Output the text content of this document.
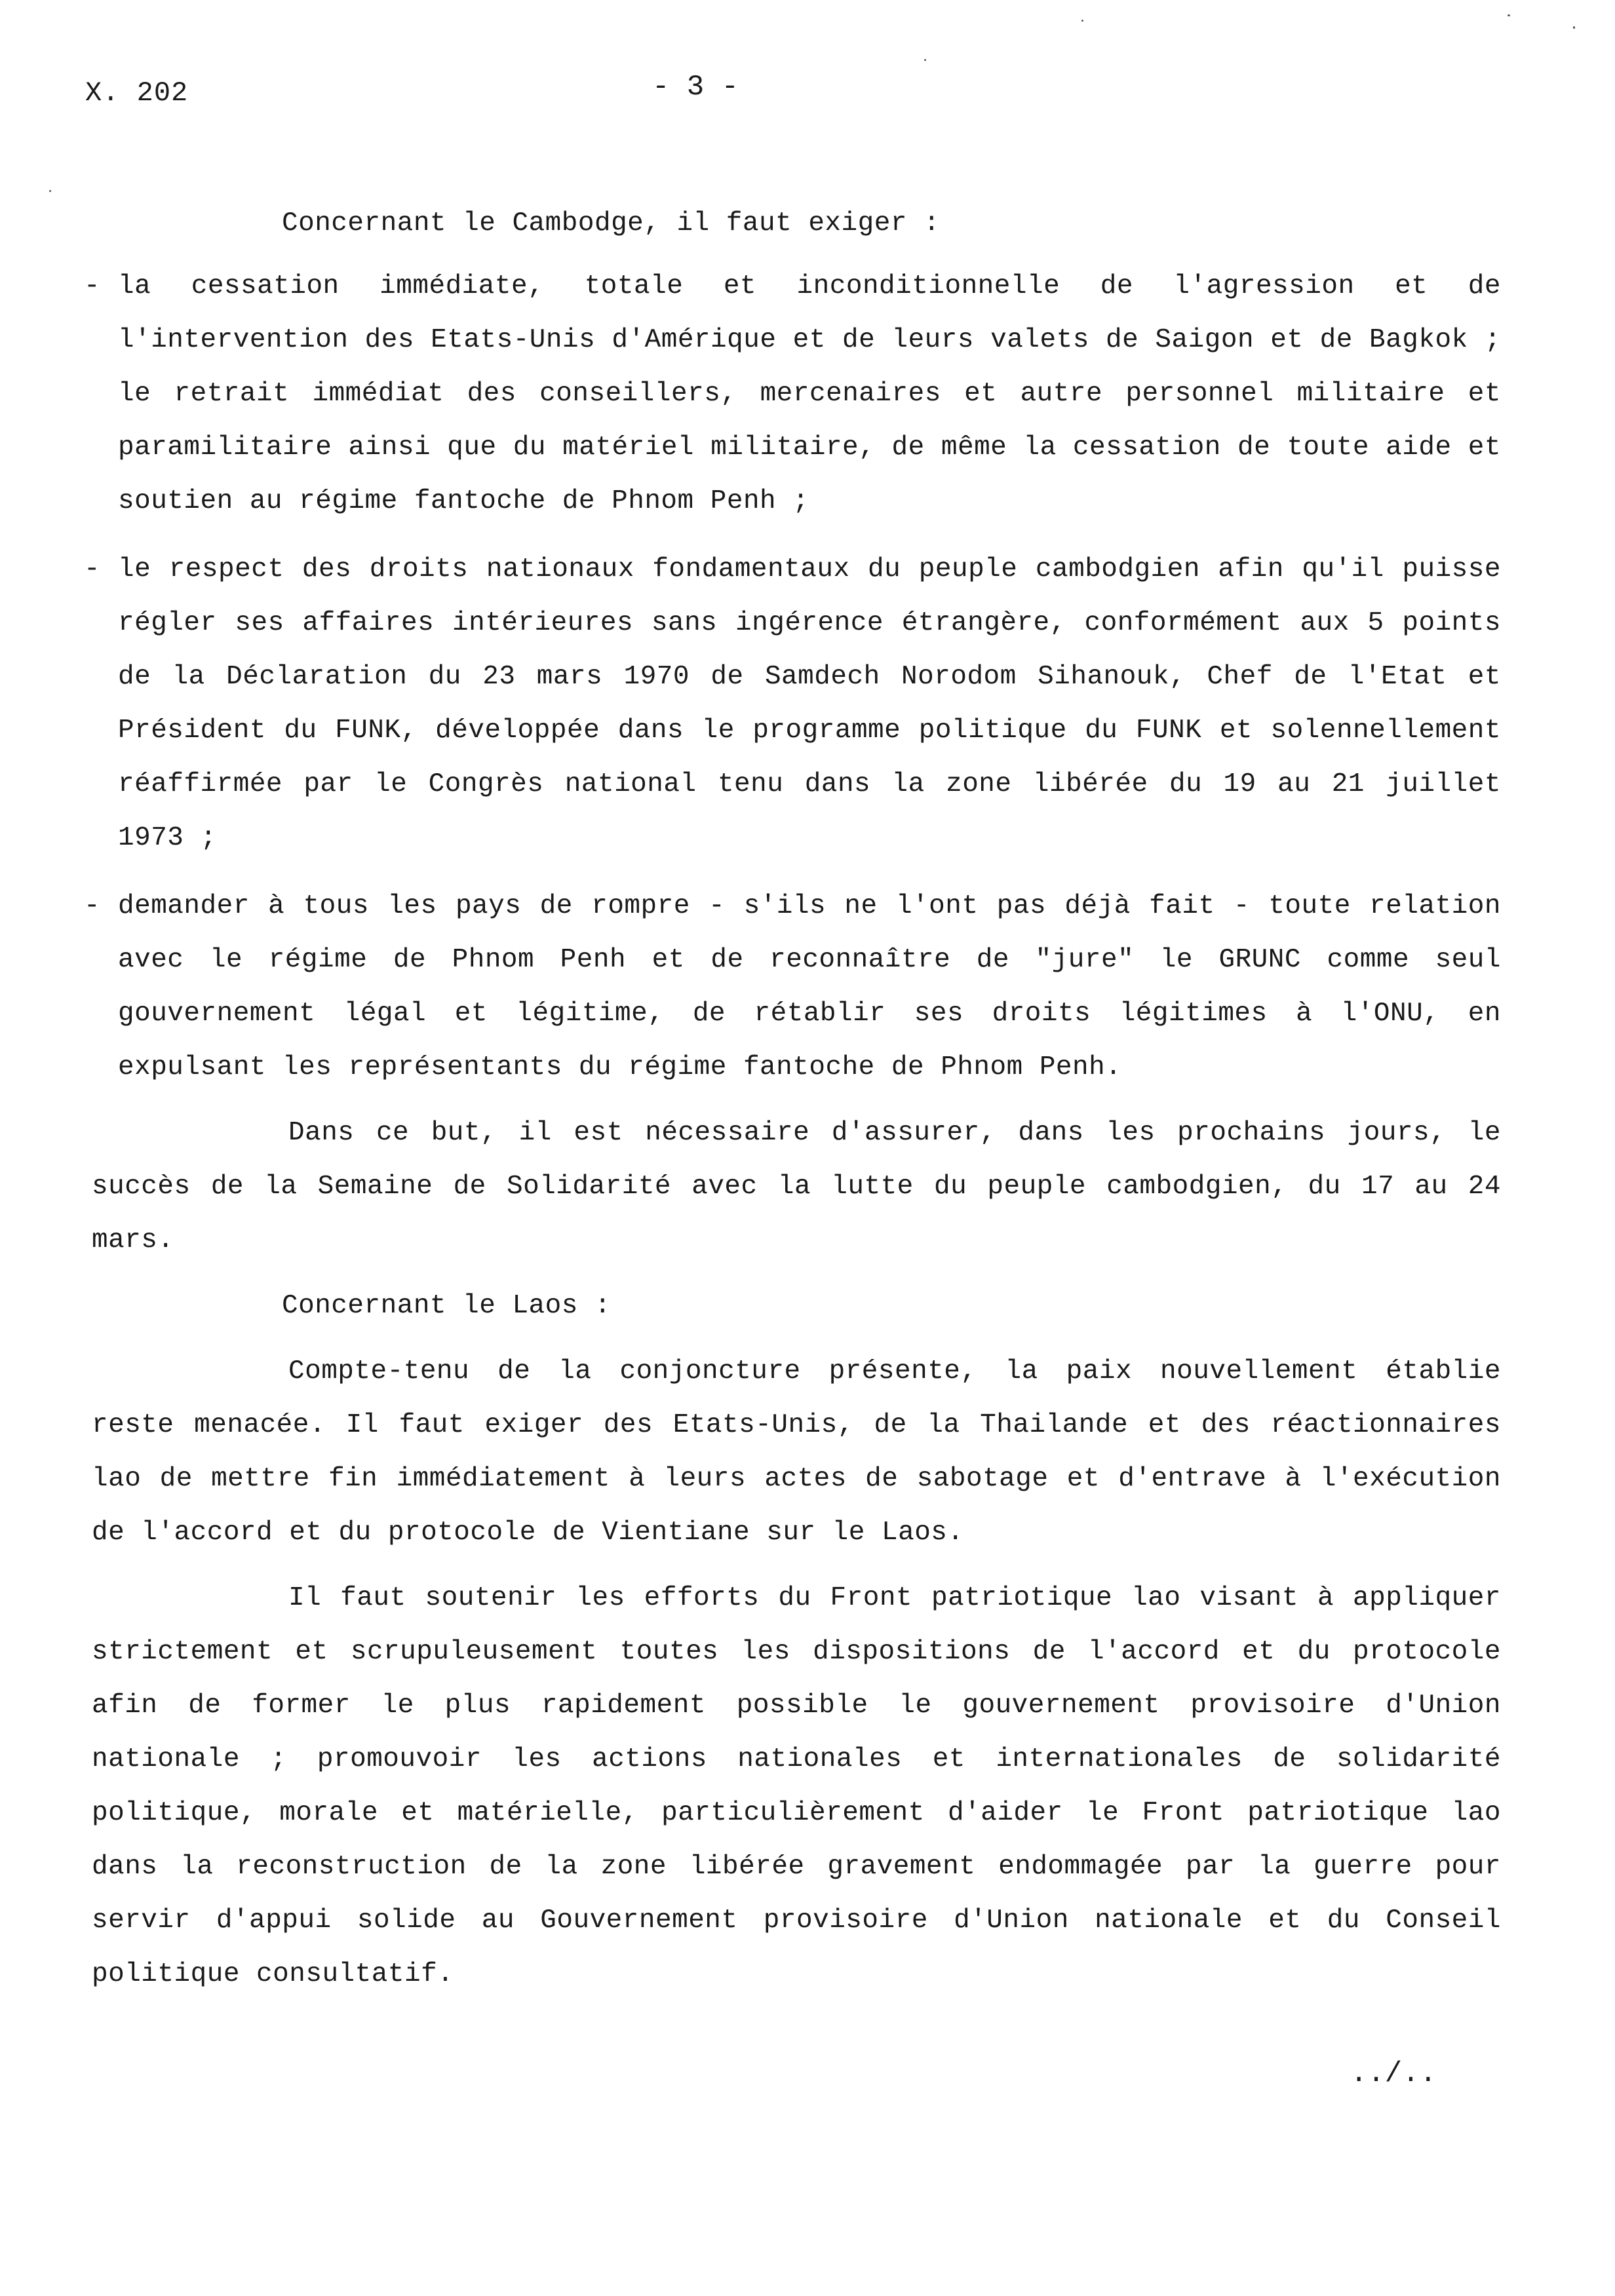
X. 202	- 3 -

Concernant le Cambodge, il faut exiger :

- la cessation immédiate, totale et inconditionnelle de l'agression et de l'intervention des Etats-Unis d'Amérique et de leurs valets de Saigon et de Bagkok ; le retrait immédiat des conseillers, mercenaires et autre personnel militaire et paramilitaire ainsi que du matériel militaire, de même la cessation de toute aide et soutien au régime fantoche de Phnom Penh ;

- le respect des droits nationaux fondamentaux du peuple cambodgien afin qu'il puisse régler ses affaires intérieures sans ingérence étrangère, conformément aux 5 points de la Déclaration du 23 mars 1970 de Samdech Norodom Sihanouk, Chef de l'Etat et Président du FUNK, développée dans le programme politique du FUNK et solennellement réaffirmée par le Congrès national tenu dans la zone libérée du 19 au 21 juillet 1973 ;

- demander à tous les pays de rompre - s'ils ne l'ont pas déjà fait - toute relation avec le régime de Phnom Penh et de reconnaître de "jure" le GRUNC comme seul gouvernement légal et légitime, de rétablir ses droits légitimes à l'ONU, en expulsant les représentants du régime fantoche de Phnom Penh.

Dans ce but, il est nécessaire d'assurer, dans les prochains jours, le succès de la Semaine de Solidarité avec la lutte du peuple cambodgien, du 17 au 24 mars.

Concernant le Laos :

Compte-tenu de la conjoncture présente, la paix nouvellement établie reste menacée. Il faut exiger des Etats-Unis, de la Thailande et des réactionnaires lao de mettre fin immédiatement à leurs actes de sabotage et d'entrave à l'exécution de l'accord et du protocole de Vientiane sur le Laos.

Il faut soutenir les efforts du Front patriotique lao visant à appliquer strictement et scrupuleusement toutes les dispositions de l'accord et du protocole afin de former le plus rapidement possible le gouvernement provisoire d'Union nationale ; promouvoir les actions nationales et internationales de solidarité politique, morale et matérielle, particulièrement d'aider le Front patriotique lao dans la reconstruction de la zone libérée gravement endommagée par la guerre pour servir d'appui solide au Gouvernement provisoire d'Union nationale et du Conseil politique consultatif.

../..
